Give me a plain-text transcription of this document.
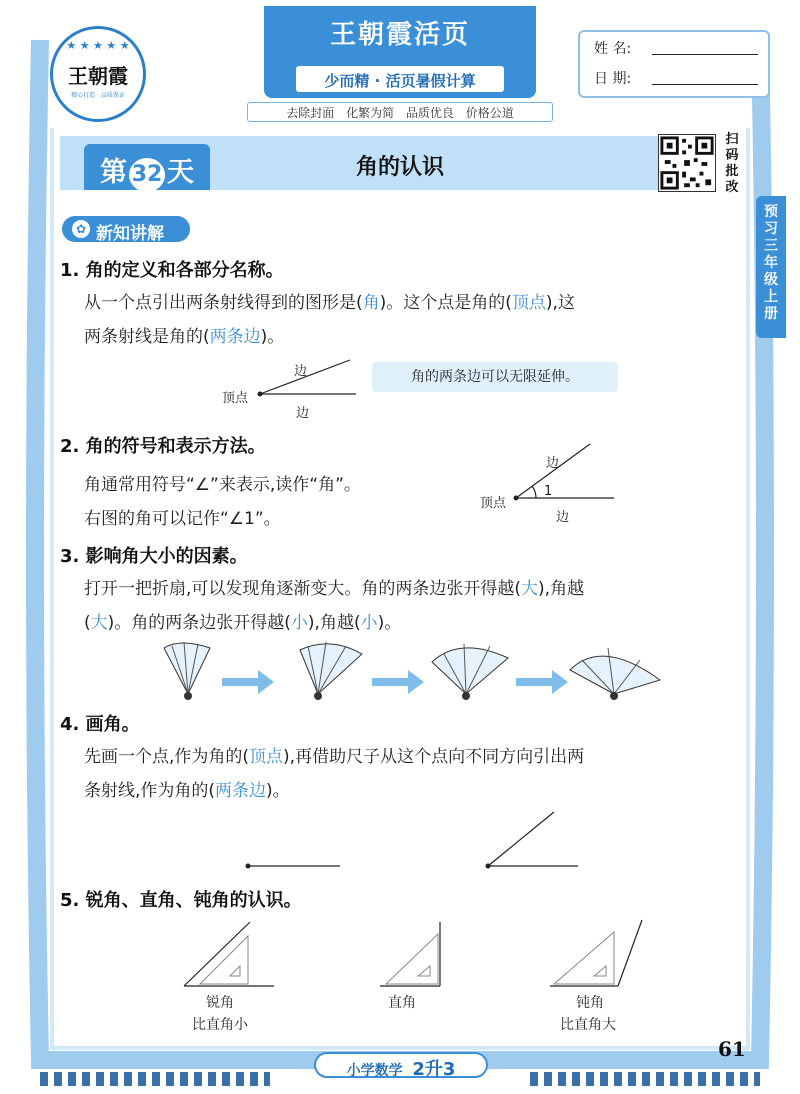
★ ★ ★ ★ ★
王朝霞
精心打造 · 品质保证
王朝霞活页
少而精 · 活页暑假计算
去除封面 化繁为简 品质优良 价格公道
姓 名:
日 期:
第 32 天	角的认识
扫码批改
预习三年级上册
✿ 新知讲解
1. 角的定义和各部分名称。
从一个点引出两条射线得到的图形是(角)。这个点是角的(顶点),这
两条射线是角的(两条边)。
顶点
边
边
角的两条边可以无限延伸。
2. 角的符号和表示方法。
角通常用符号“∠”来表示,读作“角”。
右图的角可以记作“∠1”。
顶点
1
边
边
3. 影响角大小的因素。
打开一把折扇,可以发现角逐渐变大。角的两条边张开得越(大),角越
(大)。角的两条边张开得越(小),角越(小)。
4. 画角。
先画一个点,作为角的(顶点),再借助尺子从这个点向不同方向引出两
条射线,作为角的(两条边)。
5. 锐角、直角、钝角的认识。
锐角
比直角小
直角	钝角
比直角大
61
小学数学 2升3
